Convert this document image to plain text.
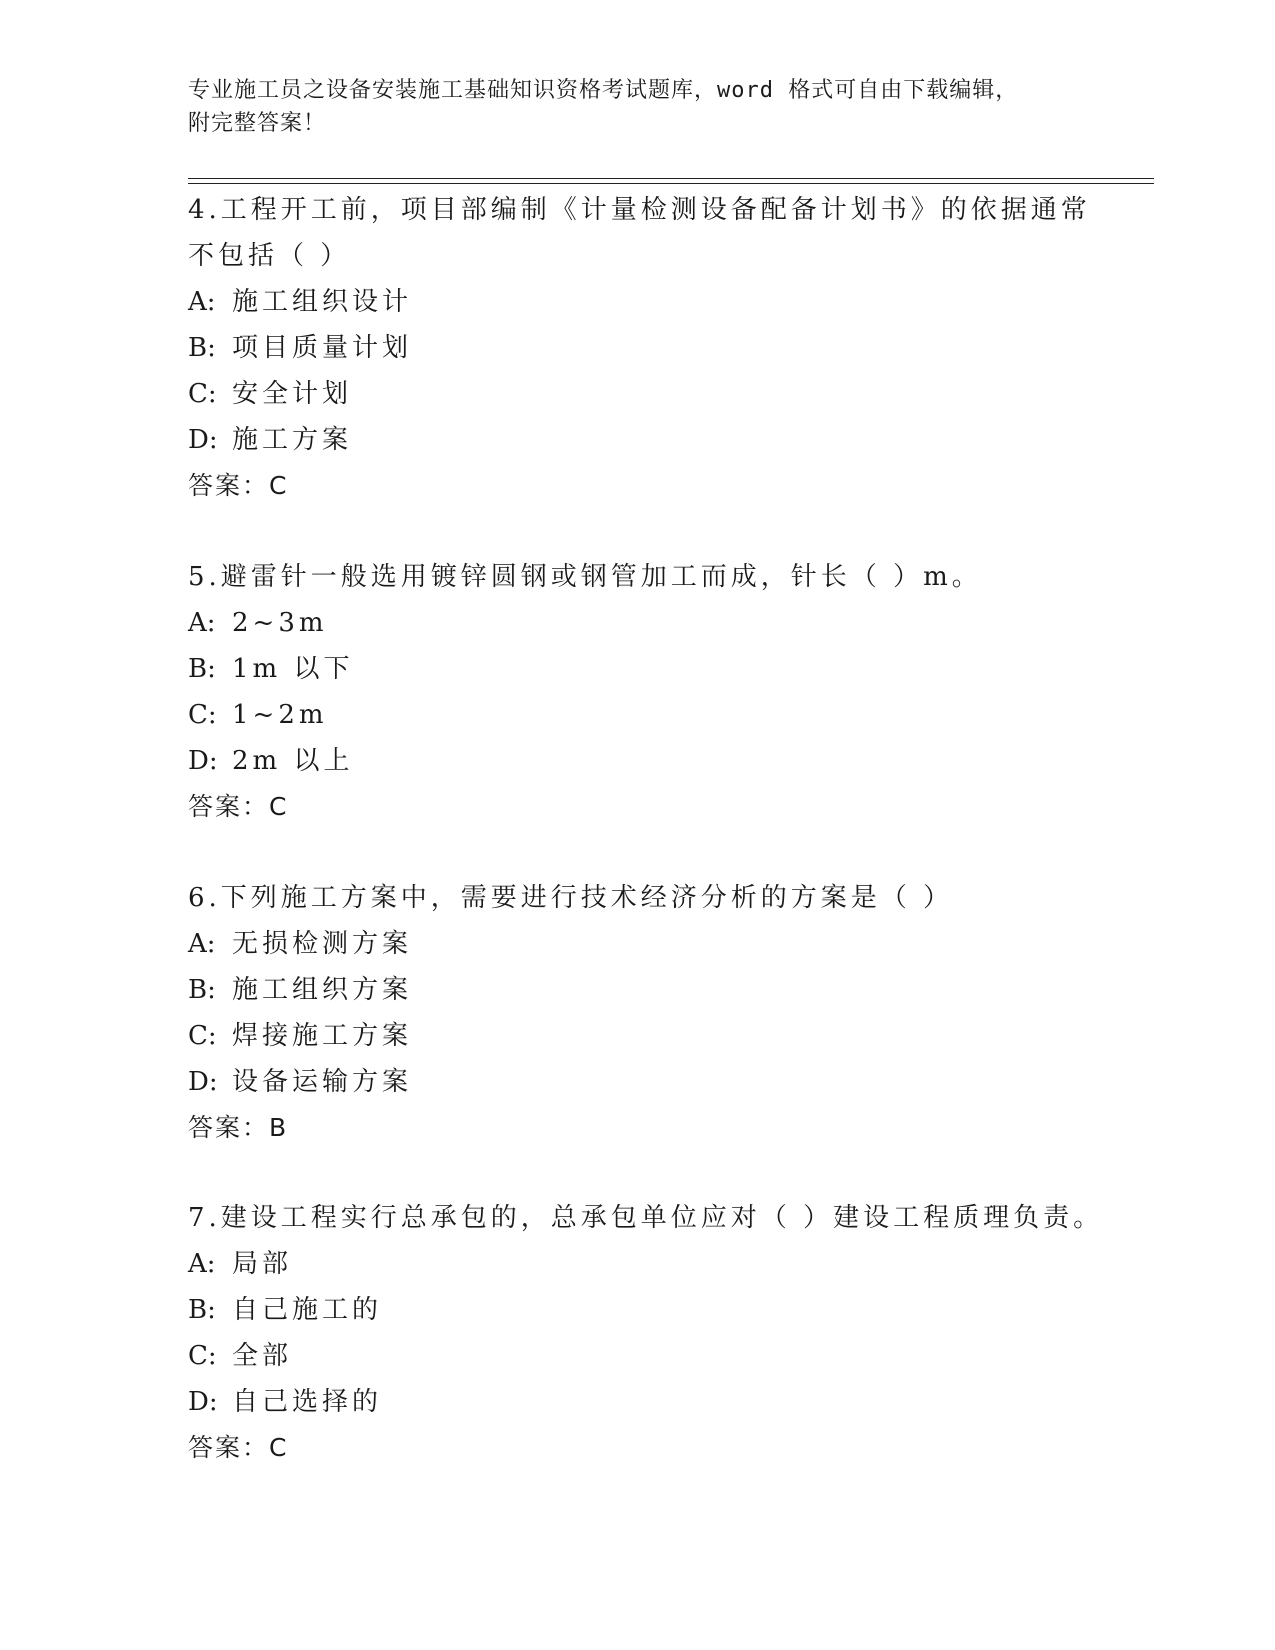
专业施工员之设备安装施工基础知识资格考试题库，word 格式可自由下载编辑，
附完整答案！
4.工程开工前，项目部编制《计量检测设备配备计划书》的依据通常
不包括（ ）
A: 施工组织设计
B: 项目质量计划
C: 安全计划
D: 施工方案
答案：C
5.避雷针一般选用镀锌圆钢或钢管加工而成，针长（ ）m。
A: 2~3m
B: 1m 以下
C: 1~2m
D: 2m 以上
答案：C
6.下列施工方案中，需要进行技术经济分析的方案是（ ）
A: 无损检测方案
B: 施工组织方案
C: 焊接施工方案
D: 设备运输方案
答案：B
7.建设工程实行总承包的，总承包单位应对（ ）建设工程质理负责。
A: 局部
B: 自己施工的
C: 全部
D: 自己选择的
答案：C
